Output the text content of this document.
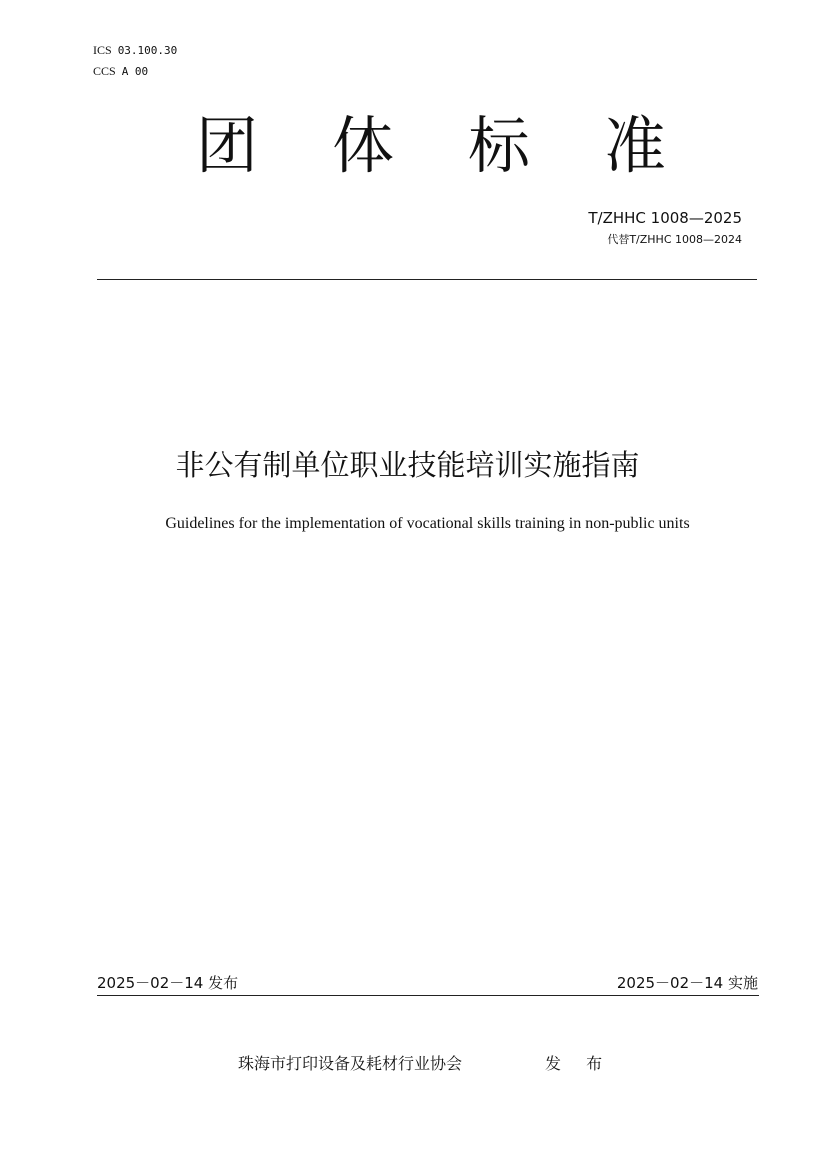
ICS 03.100.30
CCS A 00
团 体 标 准
T/ZHHC 1008—2025
代替T/ZHHC 1008—2024
非公有制单位职业技能培训实施指南
Guidelines for the implementation of vocational skills training in non-public units
2025－02－14 发布	2025－02－14 实施
珠海市打印设备及耗材行业协会	发 布
